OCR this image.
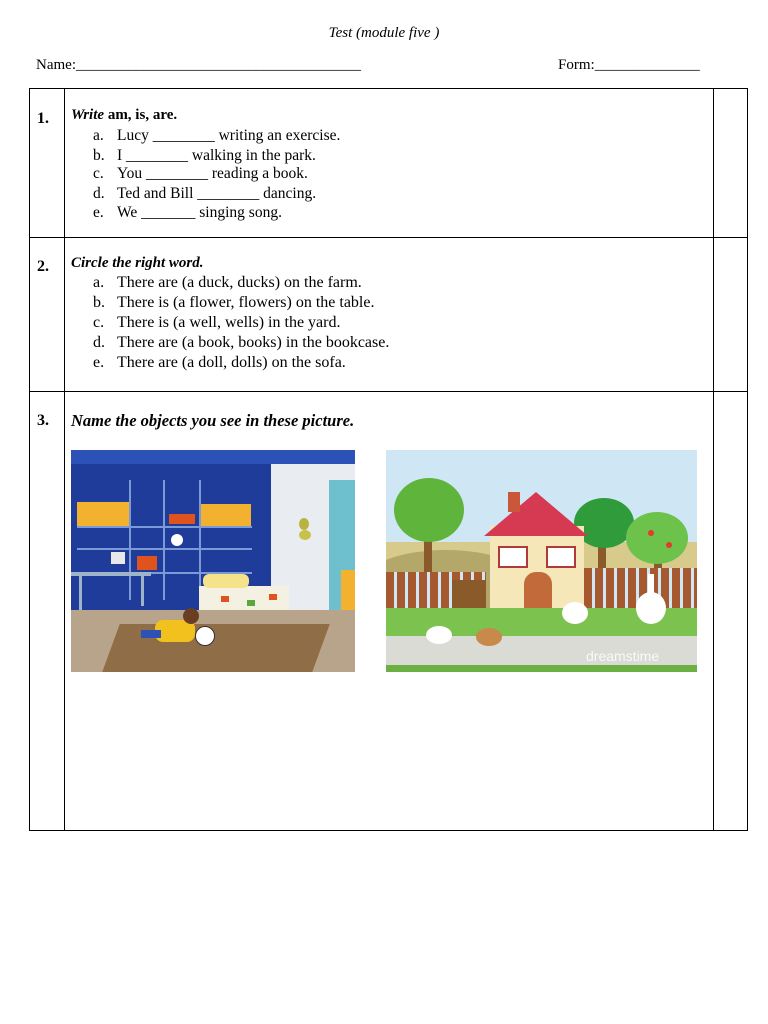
Test (module five )
Name:______________________________________	Form:______________
1. Write am, is, are.
a. Lucy ________ writing an exercise.
b. I ________ walking in the park.
c. You ________ reading a book.
d. Ted and Bill ________ dancing.
e. We _______ singing song.
2. Circle the right word.
a. There are (a duck, ducks) on the farm.
b. There is (a flower, flowers) on the table.
c. There is (a well, wells) in the yard.
d. There are (a book, books) in the bookcase.
e. There are (a doll, dolls) on the sofa.
3. Name the objects you see in these picture.
dreamstime
